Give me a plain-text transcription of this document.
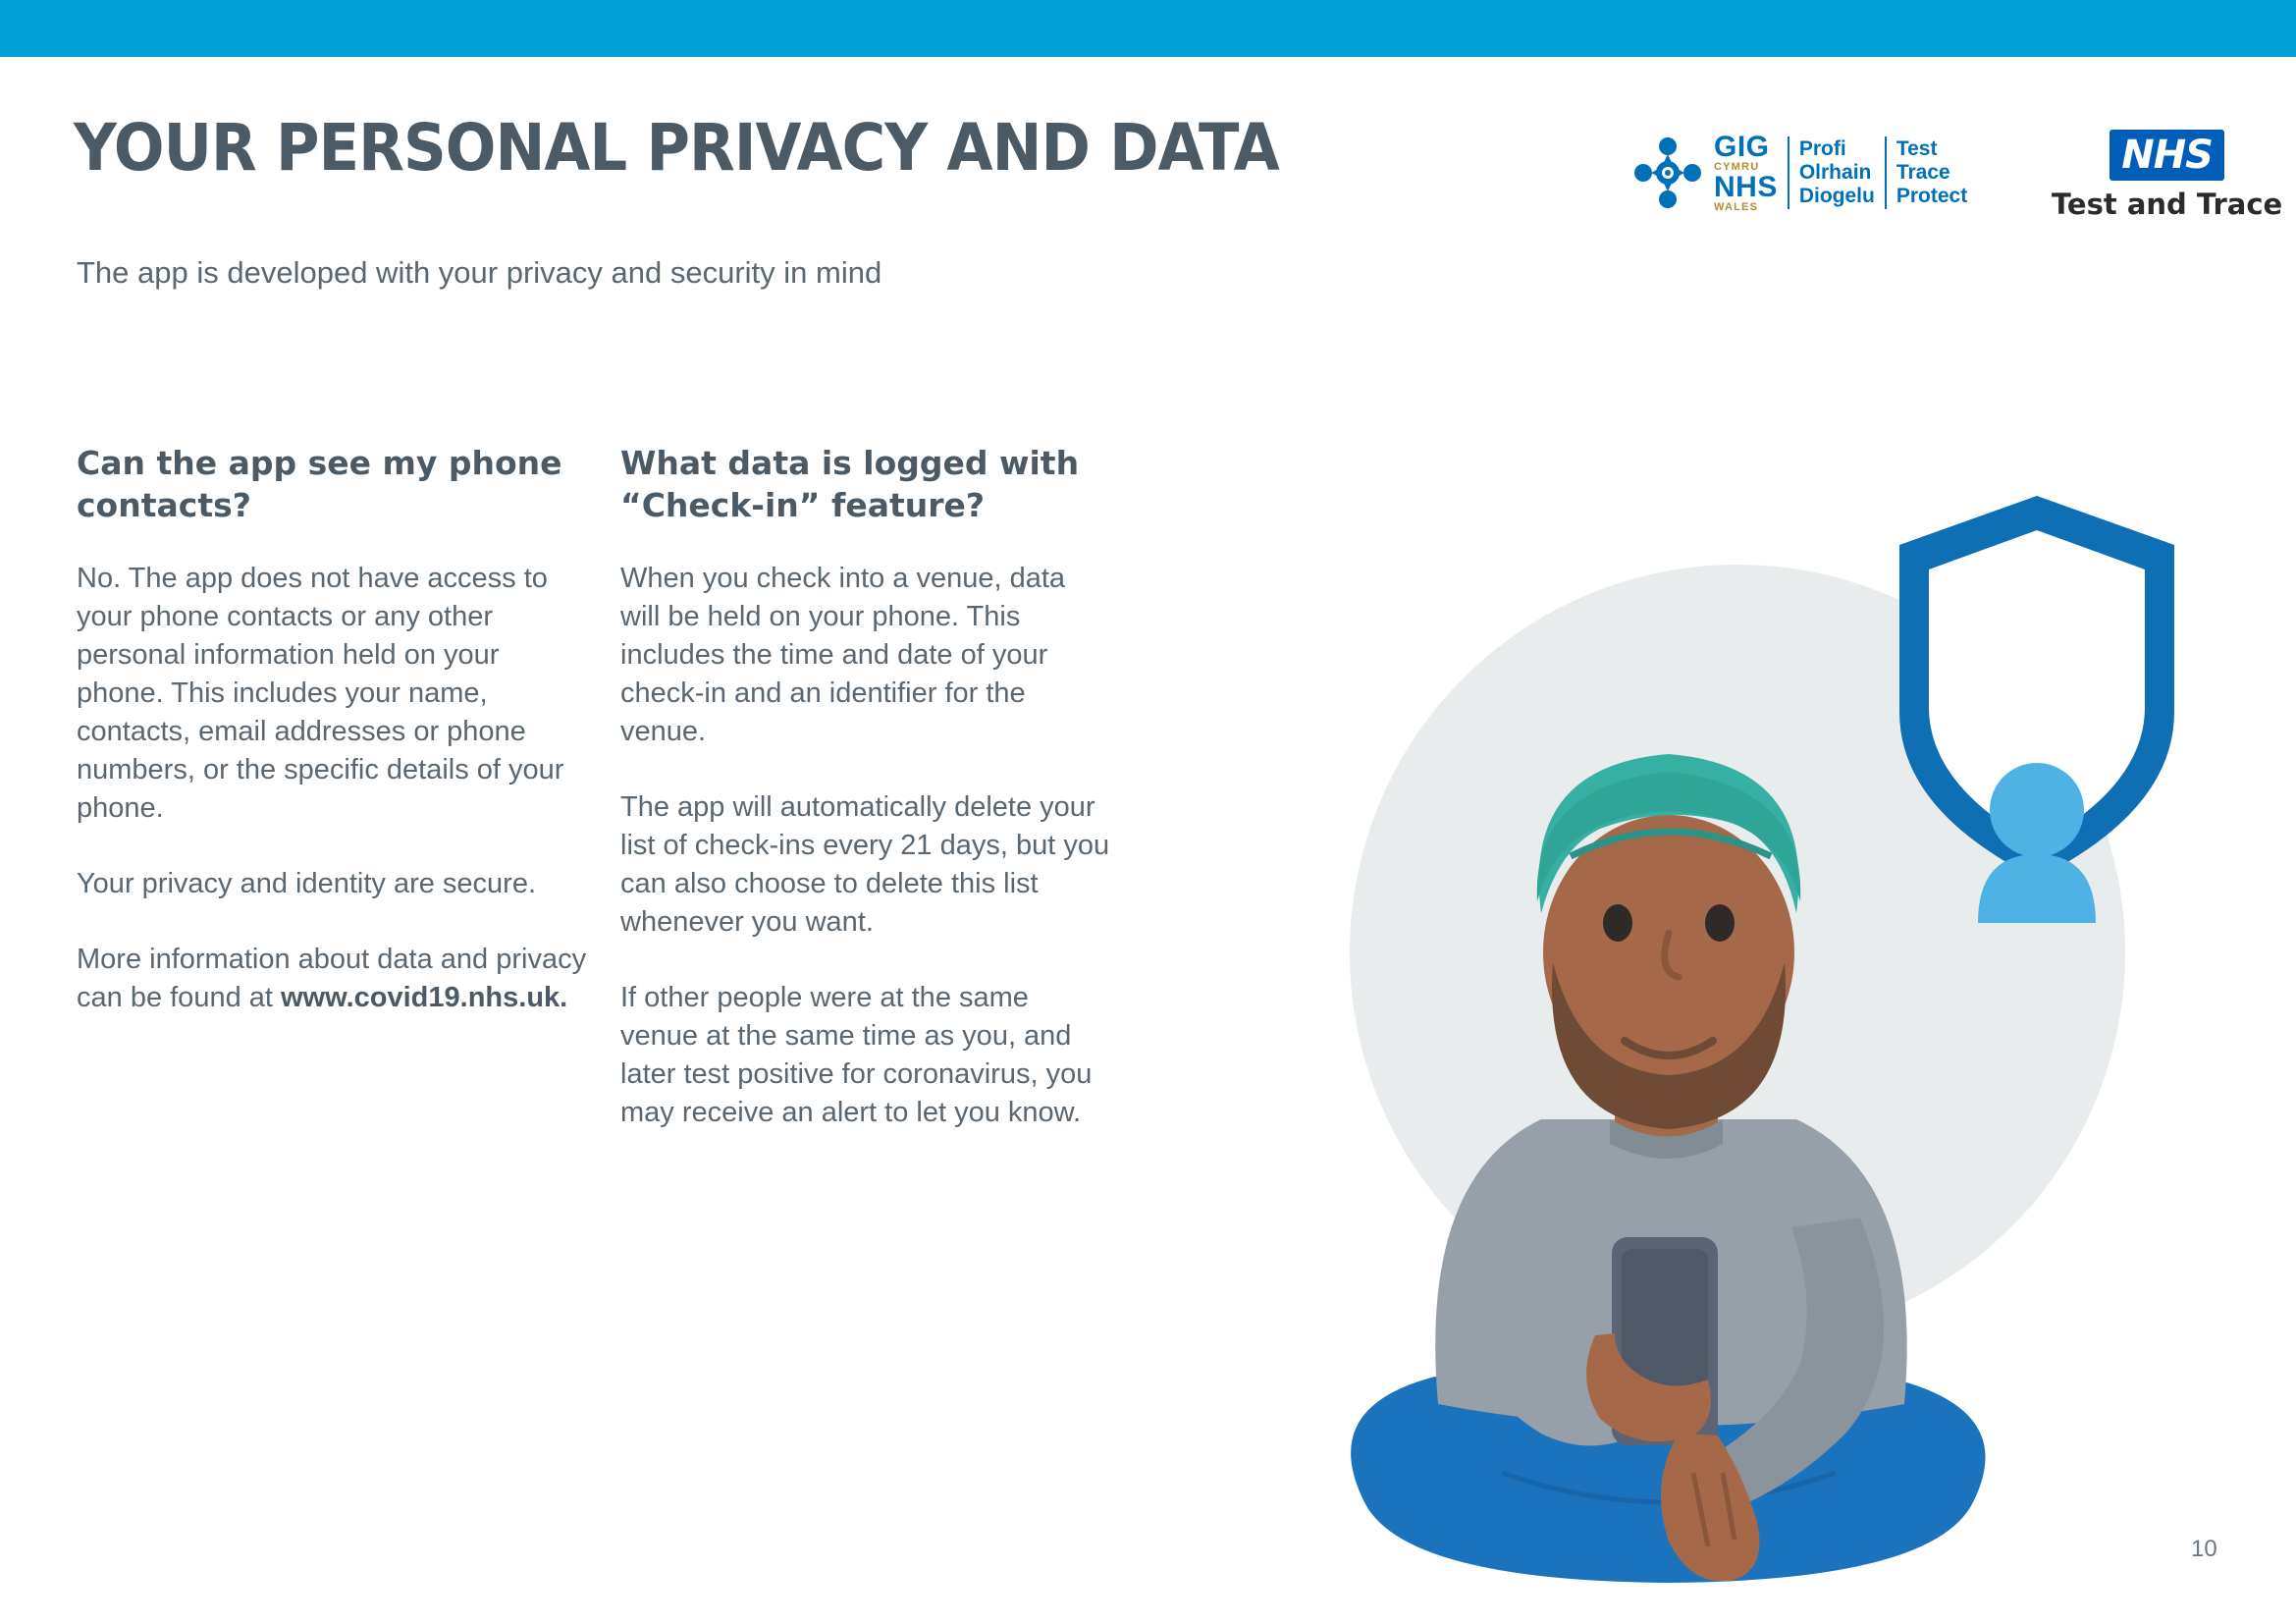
YOUR PERSONAL PRIVACY AND DATA
The app is developed with your privacy and security in mind
GIG
CYMRU
NHS
WALES
Profi
Olrhain
Diogelu
Test
Trace
Protect
NHS
Test and Trace
Can the app see my phone contacts?

No. The app does not have access to your phone contacts or any other personal information held on your phone. This includes your name, contacts, email addresses or phone numbers, or the specific details of your phone.

Your privacy and identity are secure.

More information about data and privacy can be found at www.covid19.nhs.uk.

What data is logged with “Check-in” feature?

When you check into a venue, data will be held on your phone. This includes the time and date of your check-in and an identifier for the venue.

The app will automatically delete your list of check-ins every 21 days, but you can also choose to delete this list whenever you want.

If other people were at the same venue at the same time as you, and later test positive for coronavirus, you may receive an alert to let you know.

10
